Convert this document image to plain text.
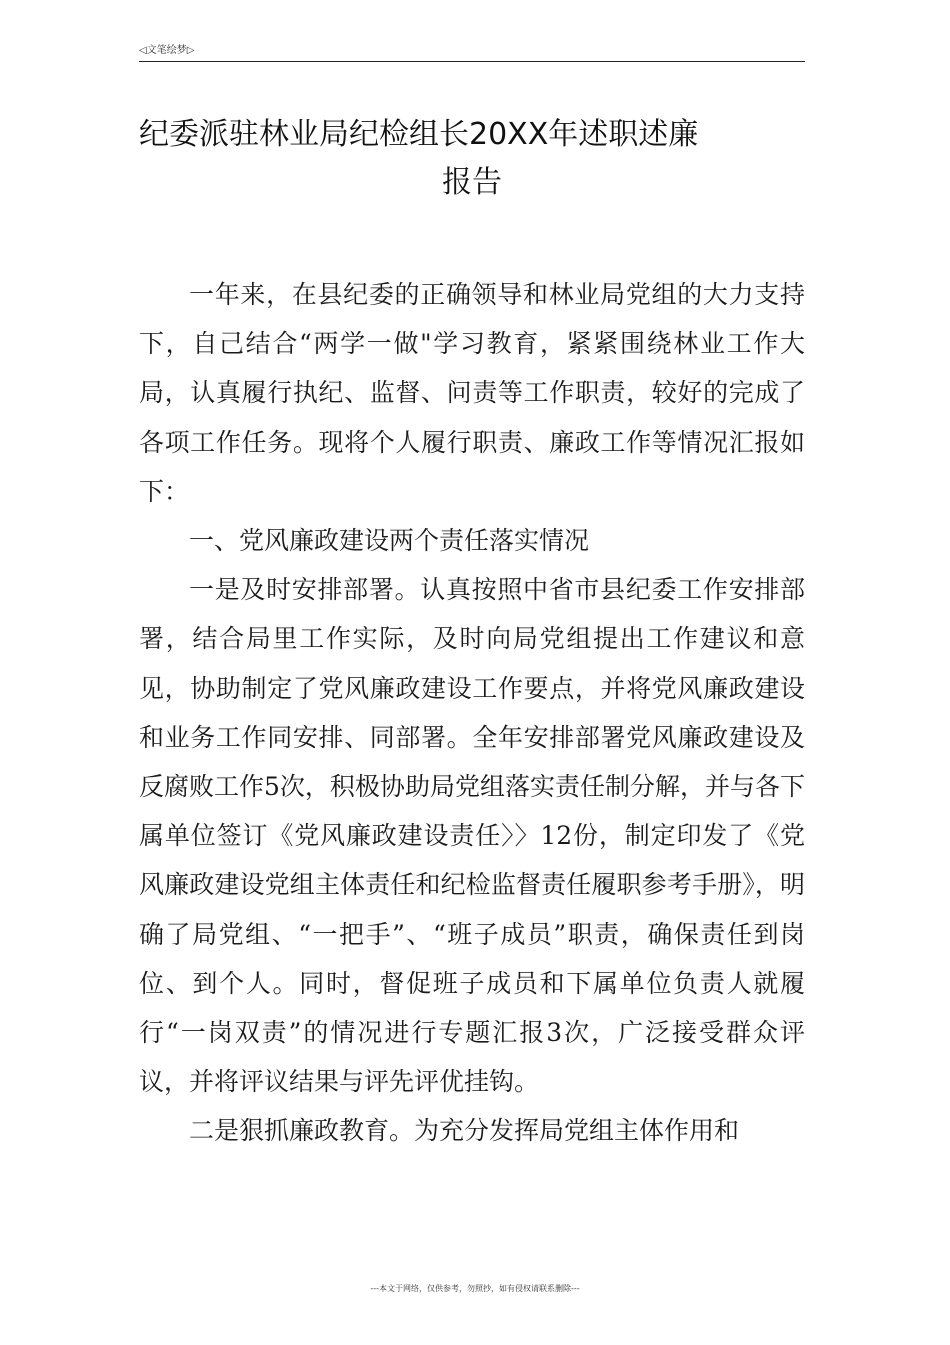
◁文笔绘梦▷
纪委派驻林业局纪检组长20XX年述职述廉
报告

一年来，在县纪委的正确领导和林业局党组的大力支持下，自己结合“两学一做"学习教育，紧紧围绕林业工作大局，认真履行执纪、监督、问责等工作职责，较好的完成了各项工作任务。现将个人履行职责、廉政工作等情况汇报如下：

一、党风廉政建设两个责任落实情况

一是及时安排部署。认真按照中省市县纪委工作安排部署，结合局里工作实际，及时向局党组提出工作建议和意见，协助制定了党风廉政建设工作要点，并将党风廉政建设和业务工作同安排、同部署。全年安排部署党风廉政建设及反腐败工作5次，积极协助局党组落实责任制分解，并与各下属单位签订《党风廉政建设责任〉〉12份，制定印发了《党风廉政建设党组主体责任和纪检监督责任履职参考手册》，明确了局党组、“一把手”、“班子成员”职责，确保责任到岗位、到个人。同时，督促班子成员和下属单位负责人就履行“一岗双责”的情况进行专题汇报3次，广泛接受群众评议，并将评议结果与评先评优挂钩。

二是狠抓廉政教育。为充分发挥局党组主体作用和

---本文于网络，仅供参考，勿照抄，如有侵权请联系删除---
